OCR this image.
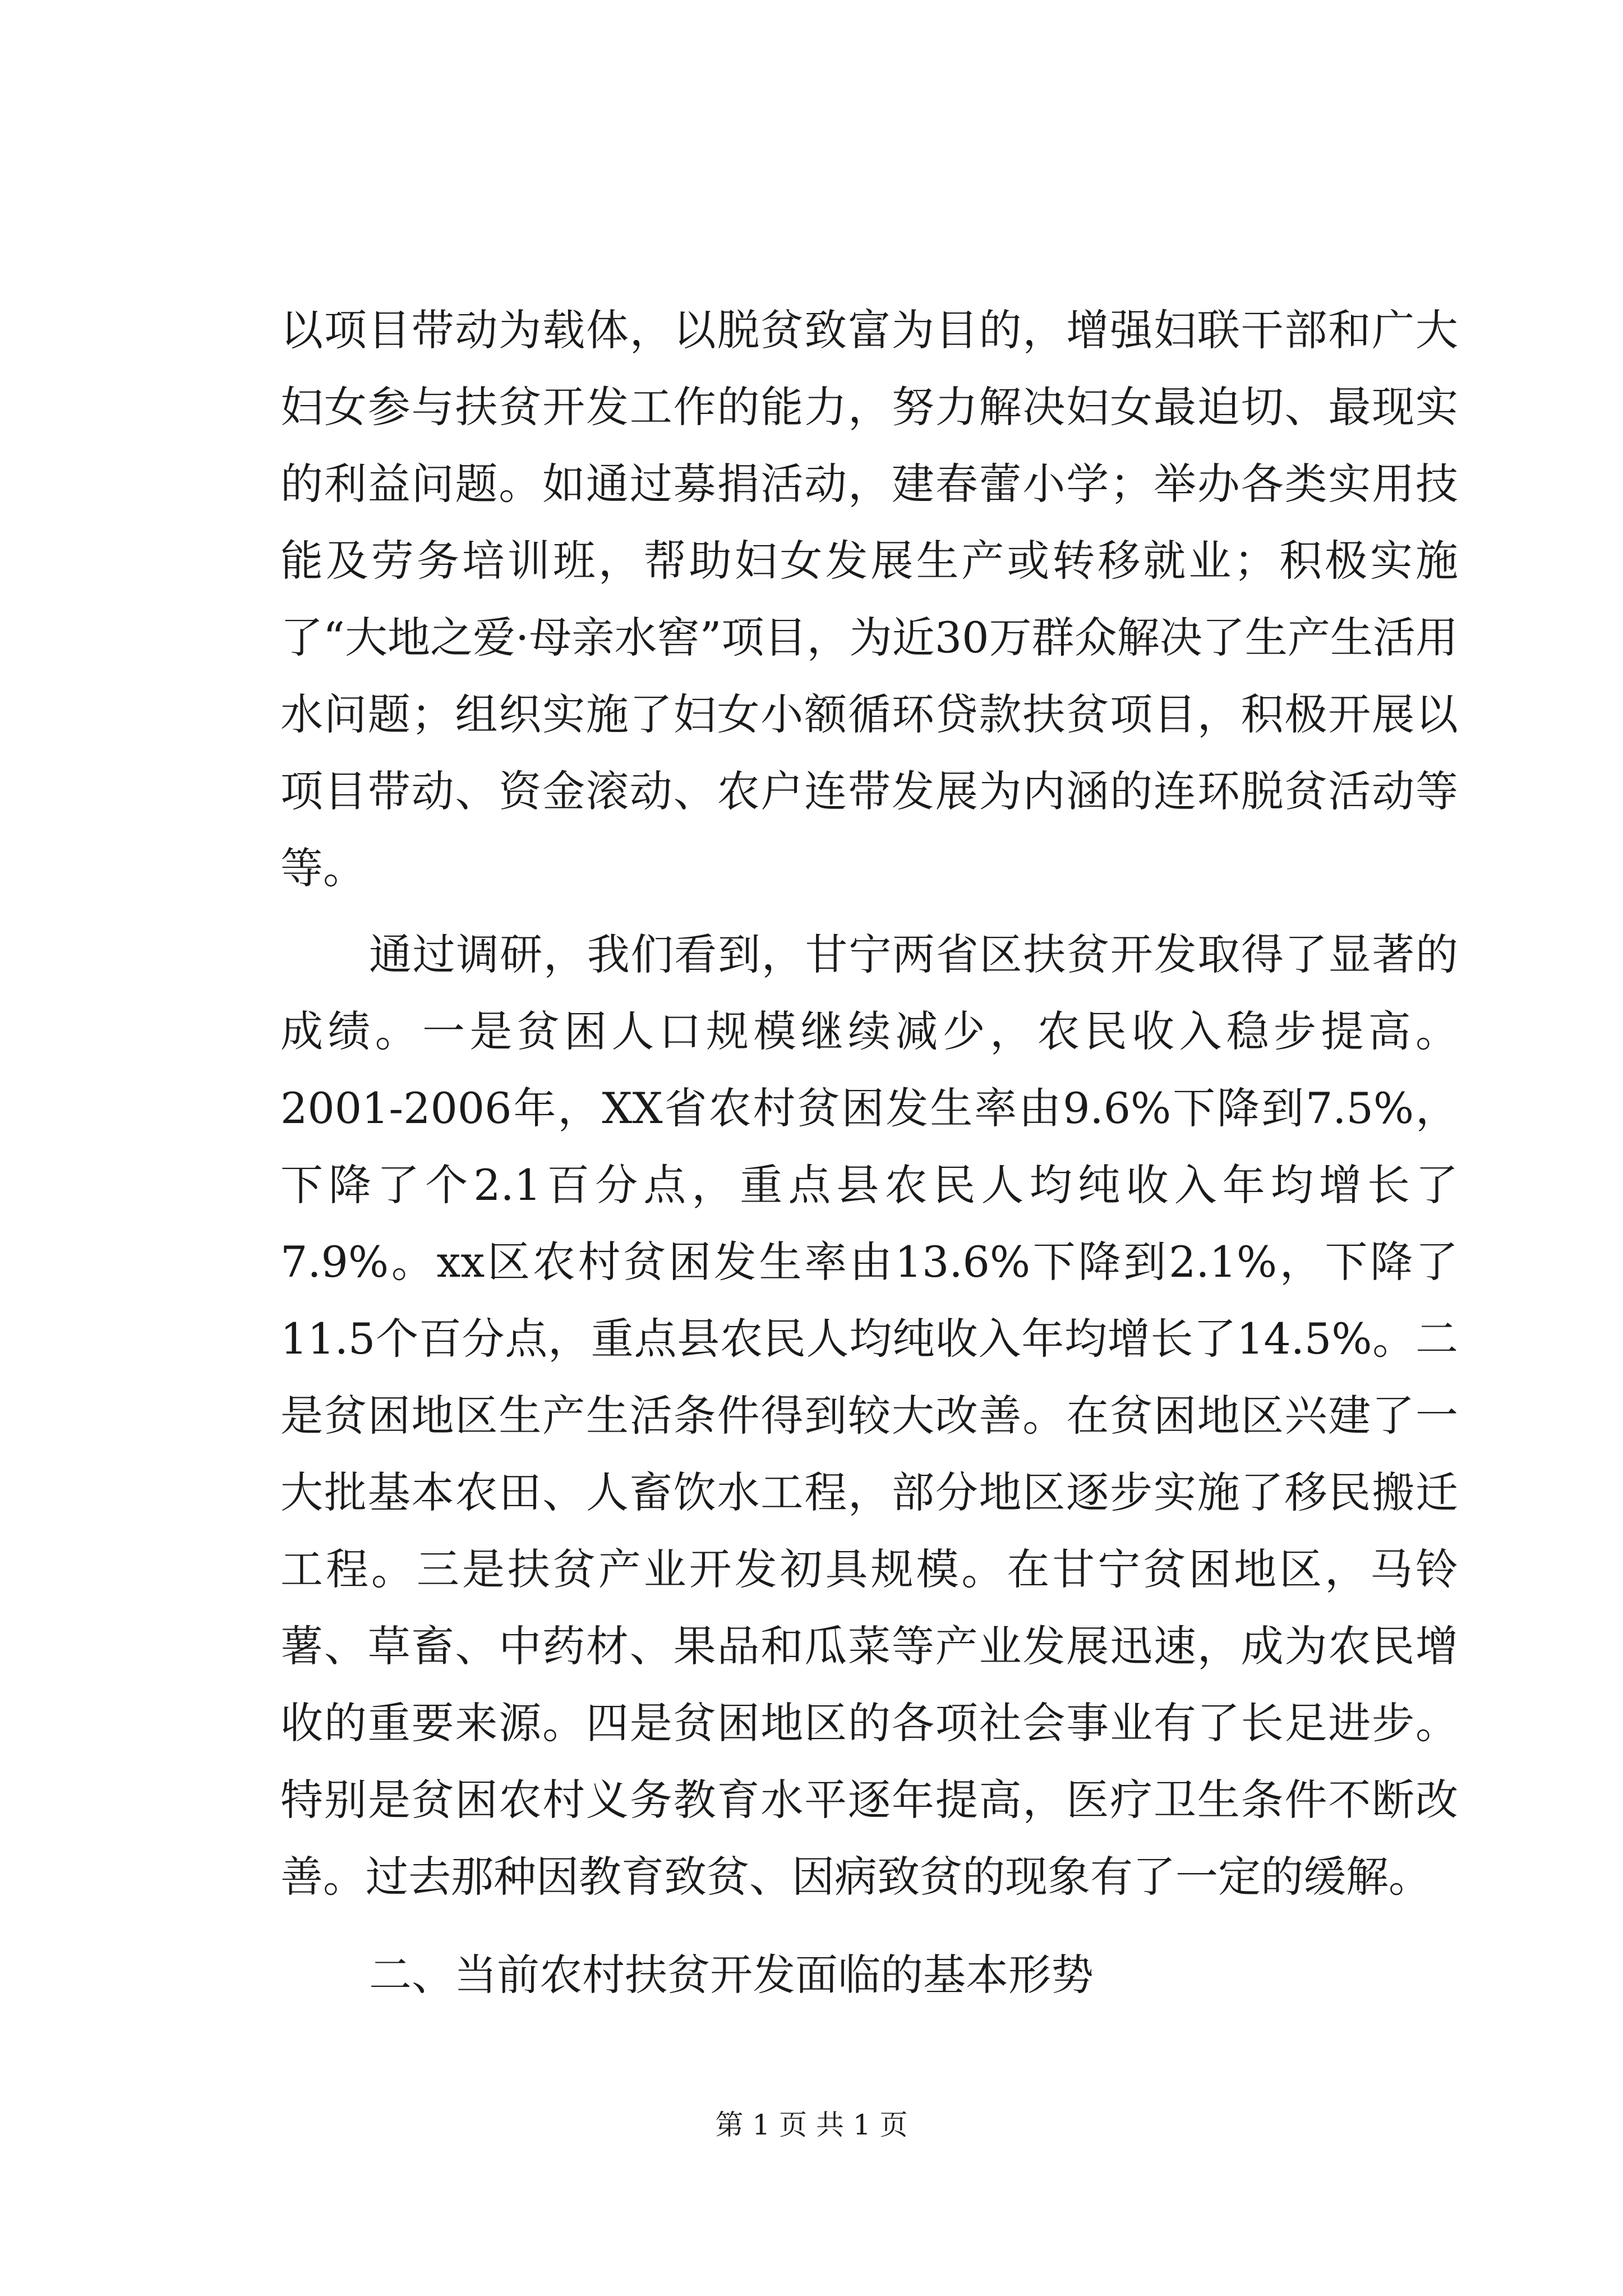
以项目带动为载体，以脱贫致富为目的，增强妇联干部和广大妇女参与扶贫开发工作的能力，努力解决妇女最迫切、最现实的利益问题。如通过募捐活动，建春蕾小学；举办各类实用技能及劳务培训班，帮助妇女发展生产或转移就业；积极实施了“大地之爱·母亲水窖”项目，为近30万群众解决了生产生活用水问题；组织实施了妇女小额循环贷款扶贫项目，积极开展以项目带动、资金滚动、农户连带发展为内涵的连环脱贫活动等等。

通过调研，我们看到，甘宁两省区扶贫开发取得了显著的成绩。一是贫困人口规模继续减少，农民收入稳步提高。2001-2006年，XX省农村贫困发生率由9.6%下降到7.5%，下降了个2.1百分点，重点县农民人均纯收入年均增长了7.9%。xx区农村贫困发生率由13.6%下降到2.1%，下降了11.5个百分点，重点县农民人均纯收入年均增长了14.5%。二是贫困地区生产生活条件得到较大改善。在贫困地区兴建了一大批基本农田、人畜饮水工程，部分地区逐步实施了移民搬迁工程。三是扶贫产业开发初具规模。在甘宁贫困地区，马铃薯、草畜、中药材、果品和瓜菜等产业发展迅速，成为农民增收的重要来源。四是贫困地区的各项社会事业有了长足进步。特别是贫困农村义务教育水平逐年提高，医疗卫生条件不断改善。过去那种因教育致贫、因病致贫的现象有了一定的缓解。

二、当前农村扶贫开发面临的基本形势

第 1 页 共 1 页
